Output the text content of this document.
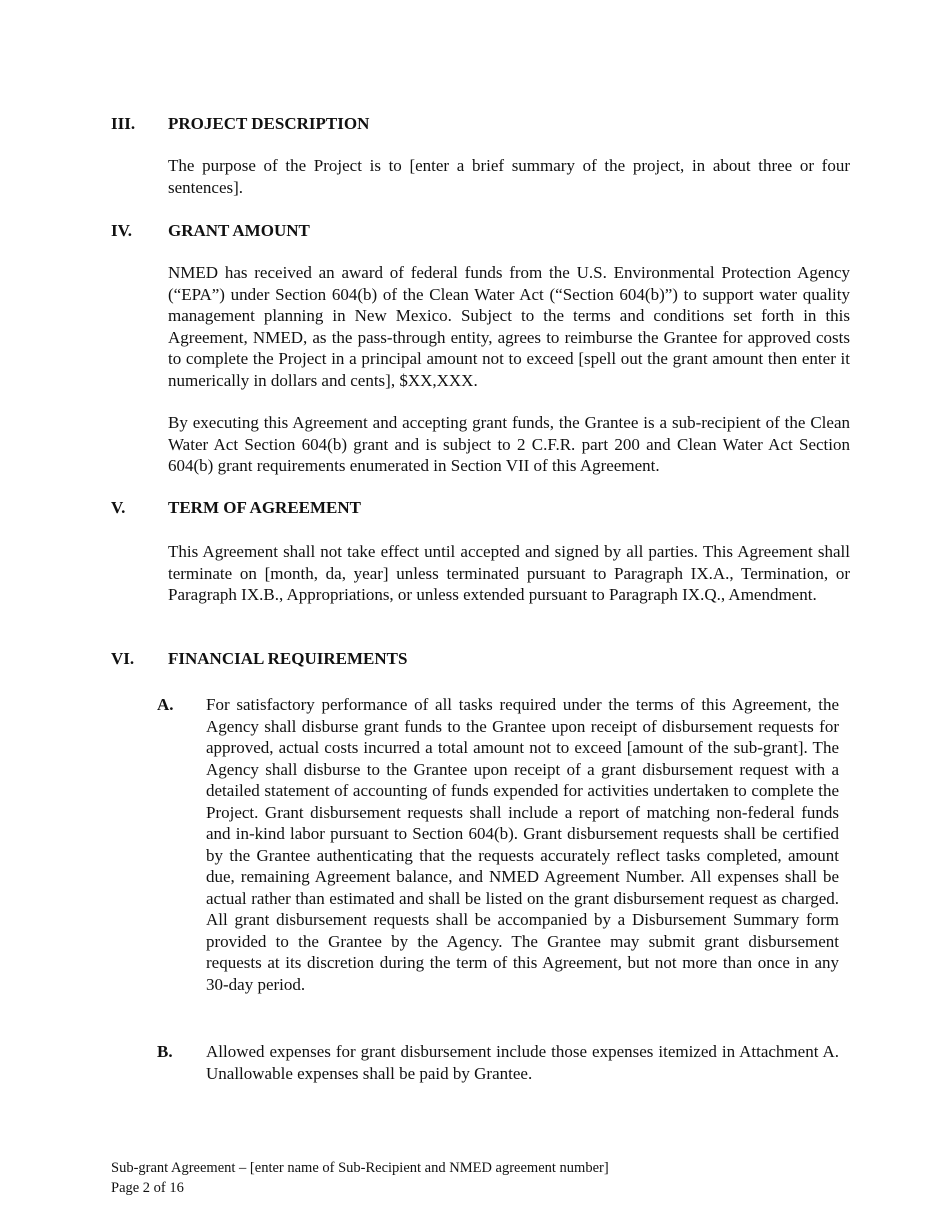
III.	PROJECT DESCRIPTION

The purpose of the Project is to [enter a brief summary of the project, in about three or four sentences].

IV.	GRANT AMOUNT

NMED has received an award of federal funds from the U.S. Environmental Protection Agency (“EPA”) under Section 604(b) of the Clean Water Act (“Section 604(b)”) to support water quality management planning in New Mexico. Subject to the terms and conditions set forth in this Agreement, NMED, as the pass-through entity, agrees to reimburse the Grantee for approved costs to complete the Project in a principal amount not to exceed [spell out the grant amount then enter it numerically in dollars and cents], $XX,XXX.

By executing this Agreement and accepting grant funds, the Grantee is a sub-recipient of the Clean Water Act Section 604(b) grant and is subject to 2 C.F.R. part 200 and Clean Water Act Section 604(b) grant requirements enumerated in Section VII of this Agreement.

V.	TERM OF AGREEMENT

This Agreement shall not take effect until accepted and signed by all parties. This Agreement shall terminate on [month, da, year] unless terminated pursuant to Paragraph IX.A., Termination, or Paragraph IX.B., Appropriations, or unless extended pursuant to Paragraph IX.Q., Amendment.

VI.	FINANCIAL REQUIREMENTS
A.	For satisfactory performance of all tasks required under the terms of this Agreement, the Agency shall disburse grant funds to the Grantee upon receipt of disbursement requests for approved, actual costs incurred a total amount not to exceed [amount of the sub-grant]. The Agency shall disburse to the Grantee upon receipt of a grant disbursement request with a detailed statement of accounting of funds expended for activities undertaken to complete the Project. Grant disbursement requests shall include a report of matching non-federal funds and in-kind labor pursuant to Section 604(b). Grant disbursement requests shall be certified by the Grantee authenticating that the requests accurately reflect tasks completed, amount due, remaining Agreement balance, and NMED Agreement Number. All expenses shall be actual rather than estimated and shall be listed on the grant disbursement request as charged. All grant disbursement requests shall be accompanied by a Disbursement Summary form provided to the Grantee by the Agency. The Grantee may submit grant disbursement requests at its discretion during the term of this Agreement, but not more than once in any 30-day period.
B.	Allowed expenses for grant disbursement include those expenses itemized in Attachment A. Unallowable expenses shall be paid by Grantee.
Sub-grant Agreement – [enter name of Sub-Recipient and NMED agreement number]
Page 2 of 16
